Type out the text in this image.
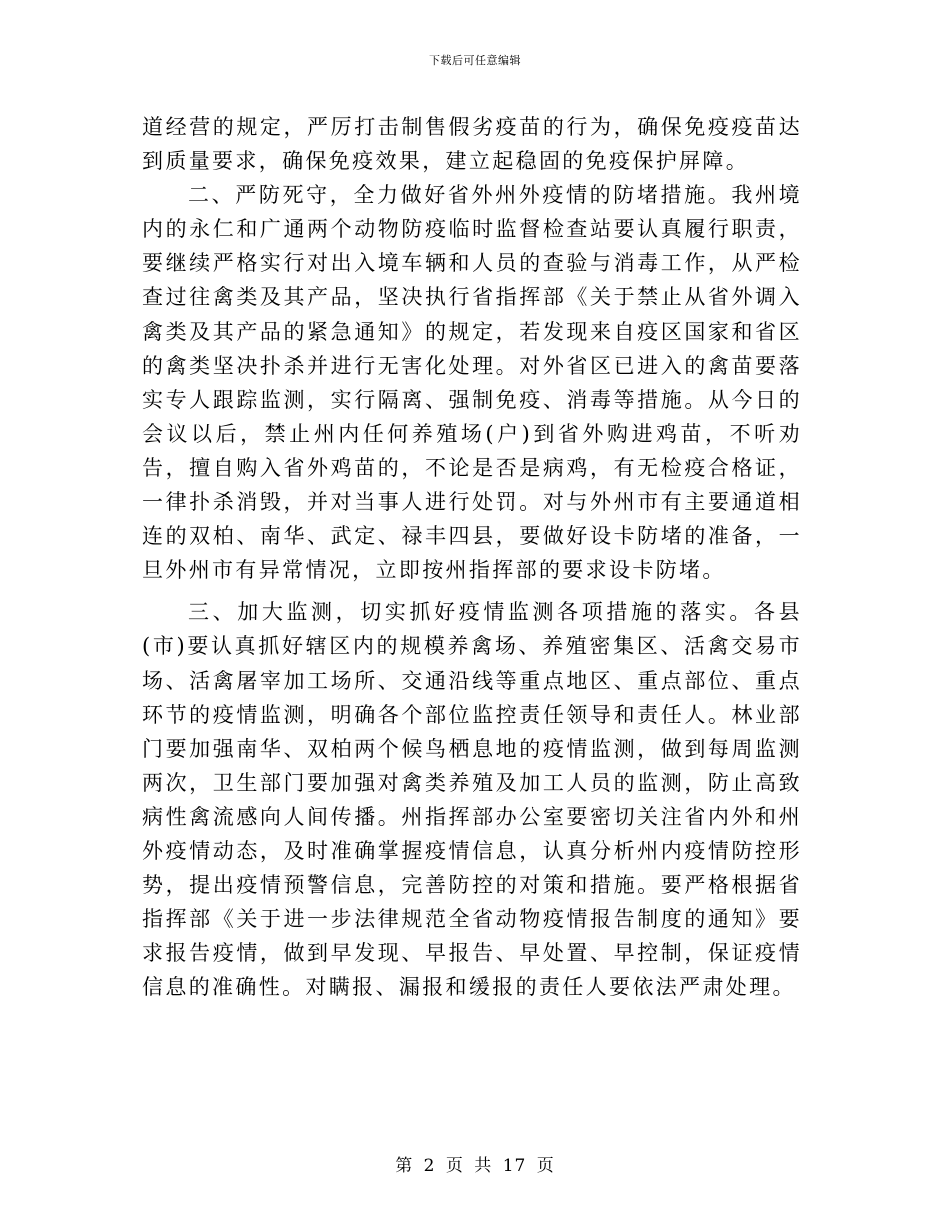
下载后可任意编辑

道经营的规定，严厉打击制售假劣疫苗的行为，确保免疫疫苗达到质量要求，确保免疫效果，建立起稳固的免疫保护屏障。

二、严防死守，全力做好省外州外疫情的防堵措施。我州境内的永仁和广通两个动物防疫临时监督检查站要认真履行职责，要继续严格实行对出入境车辆和人员的查验与消毒工作，从严检查过往禽类及其产品，坚决执行省指挥部《关于禁止从省外调入禽类及其产品的紧急通知》的规定，若发现来自疫区国家和省区的禽类坚决扑杀并进行无害化处理。对外省区已进入的禽苗要落实专人跟踪监测，实行隔离、强制免疫、消毒等措施。从今日的会议以后，禁止州内任何养殖场(户)到省外购进鸡苗，不听劝告，擅自购入省外鸡苗的，不论是否是病鸡，有无检疫合格证，一律扑杀消毁，并对当事人进行处罚。对与外州市有主要通道相连的双柏、南华、武定、禄丰四县，要做好设卡防堵的准备，一旦外州市有异常情况，立即按州指挥部的要求设卡防堵。

三、加大监测，切实抓好疫情监测各项措施的落实。各县(市)要认真抓好辖区内的规模养禽场、养殖密集区、活禽交易市场、活禽屠宰加工场所、交通沿线等重点地区、重点部位、重点环节的疫情监测，明确各个部位监控责任领导和责任人。林业部门要加强南华、双柏两个候鸟栖息地的疫情监测，做到每周监测两次，卫生部门要加强对禽类养殖及加工人员的监测，防止高致病性禽流感向人间传播。州指挥部办公室要密切关注省内外和州外疫情动态，及时准确掌握疫情信息，认真分析州内疫情防控形势，提出疫情预警信息，完善防控的对策和措施。要严格根据省指挥部《关于进一步法律规范全省动物疫情报告制度的通知》要求报告疫情，做到早发现、早报告、早处置、早控制，保证疫情信息的准确性。对瞒报、漏报和缓报的责任人要依法严肃处理。

第 2 页 共 17 页
